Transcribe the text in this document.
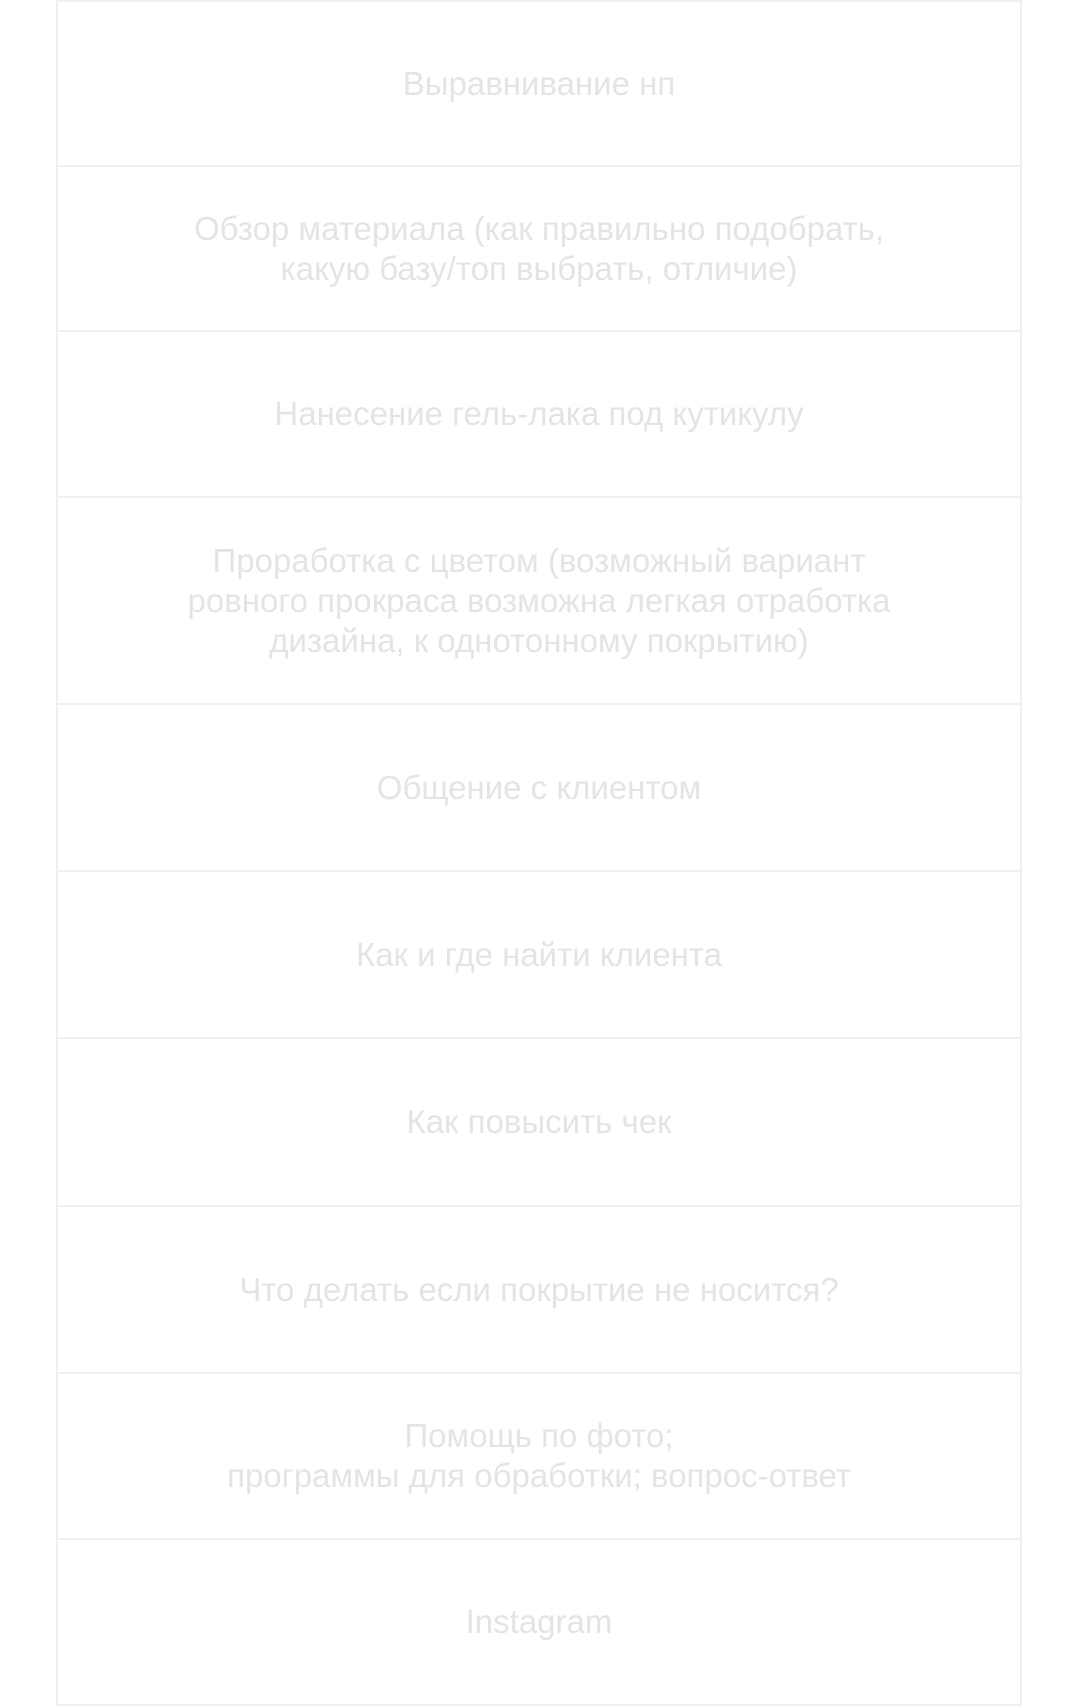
Выравнивание нп
Обзор материала (как правильно подобрать,
какую базу/топ выбрать, отличие)
Нанесение гель-лака под кутикулу
Проработка с цветом (возможный вариант
ровного прокраса возможна легкая отработка
дизайна, к однотонному покрытию)
Общение с клиентом
Как и где найти клиента
Как повысить чек
Что делать если покрытие не носится?
Помощь по фото;
программы для обработки; вопрос-ответ
Instagram
